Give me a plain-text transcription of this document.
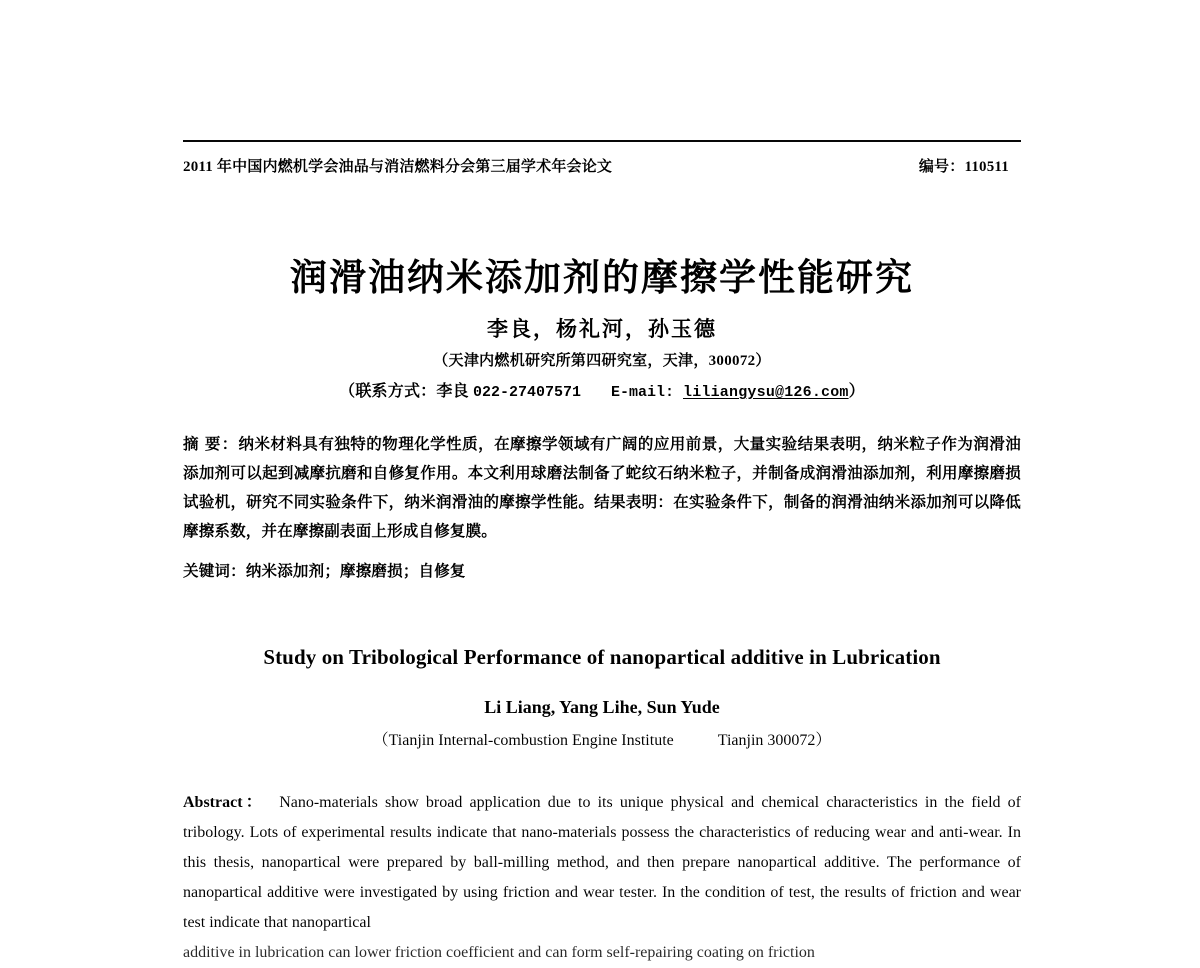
2011 年中国内燃机学会油品与消洁燃料分会第三届学术年会论文	编号：110511
润滑油纳米添加剂的摩擦学性能研究
李良，杨礼河，孙玉德
（天津内燃机研究所第四研究室，天津，300072）
（联系方式：李良 022-27407571 E-mail: liliangysu@126.com）
摘 要：纳米材料具有独特的物理化学性质，在摩擦学领域有广阔的应用前景，大量实验结果表明，纳米粒子作为润滑油添加剂可以起到减摩抗磨和自修复作用。本文利用球磨法制备了蛇纹石纳米粒子，并制备成润滑油添加剂，利用摩擦磨损试验机，研究不同实验条件下，纳米润滑油的摩擦学性能。结果表明：在实验条件下，制备的润滑油纳米添加剂可以降低摩擦系数，并在摩擦副表面上形成自修复膜。
关键词：纳米添加剂；摩擦磨损；自修复
Study on Tribological Performance of nanopartical additive in Lubrication
Li Liang, Yang Lihe, Sun Yude
（Tianjin Internal-combustion Engine Institute	Tianjin 300072）
Abstract： Nano-materials show broad application due to its unique physical and chemical characteristics in the field of tribology. Lots of experimental results indicate that nano-materials possess the characteristics of reducing wear and anti-wear. In this thesis, nanopartical were prepared by ball-milling method, and then prepare nanopartical additive. The performance of nanopartical additive were investigated by using friction and wear tester. In the condition of test, the results of friction and wear test indicate that nanopartical
additive in lubrication can lower friction coefficient and can form self-repairing coating on friction
